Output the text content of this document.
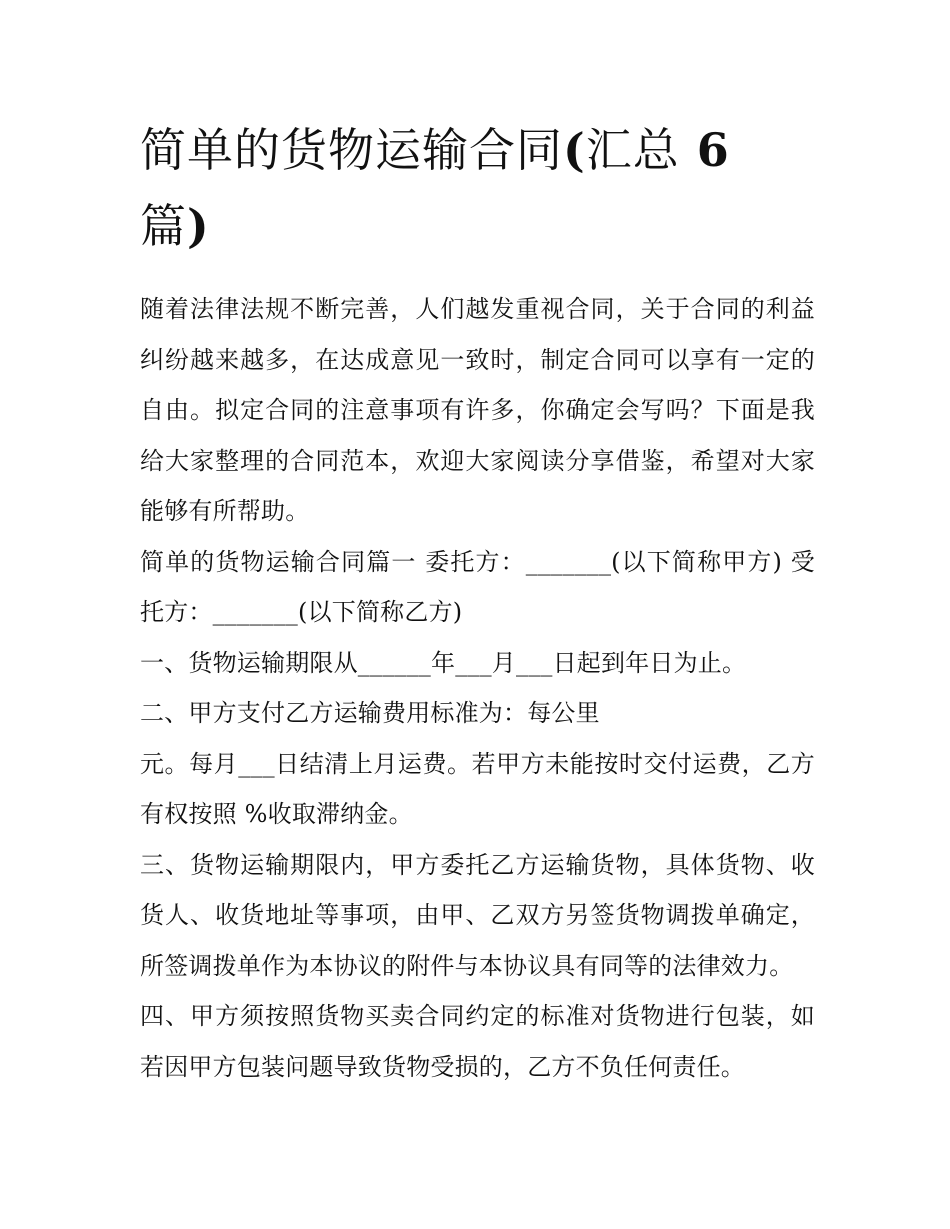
简单的货物运输合同(汇总 6
篇)

随着法律法规不断完善，人们越发重视合同，关于合同的利益纠纷越来越多，在达成意见一致时，制定合同可以享有一定的自由。拟定合同的注意事项有许多，你确定会写吗？下面是我给大家整理的合同范本，欢迎大家阅读分享借鉴，希望对大家能够有所帮助。

简单的货物运输合同篇一 委托方：_______(以下简称甲方) 受托方：_______(以下简称乙方)

一、货物运输期限从______年___月___日起到年日为止。

二、甲方支付乙方运输费用标准为：每公里

元。每月___日结清上月运费。若甲方未能按时交付运费，乙方有权按照 %收取滞纳金。

三、货物运输期限内，甲方委托乙方运输货物，具体货物、收货人、收货地址等事项，由甲、乙双方另签货物调拨单确定，所签调拨单作为本协议的附件与本协议具有同等的法律效力。

四、甲方须按照货物买卖合同约定的标准对货物进行包装，如若因甲方包装问题导致货物受损的，乙方不负任何责任。
